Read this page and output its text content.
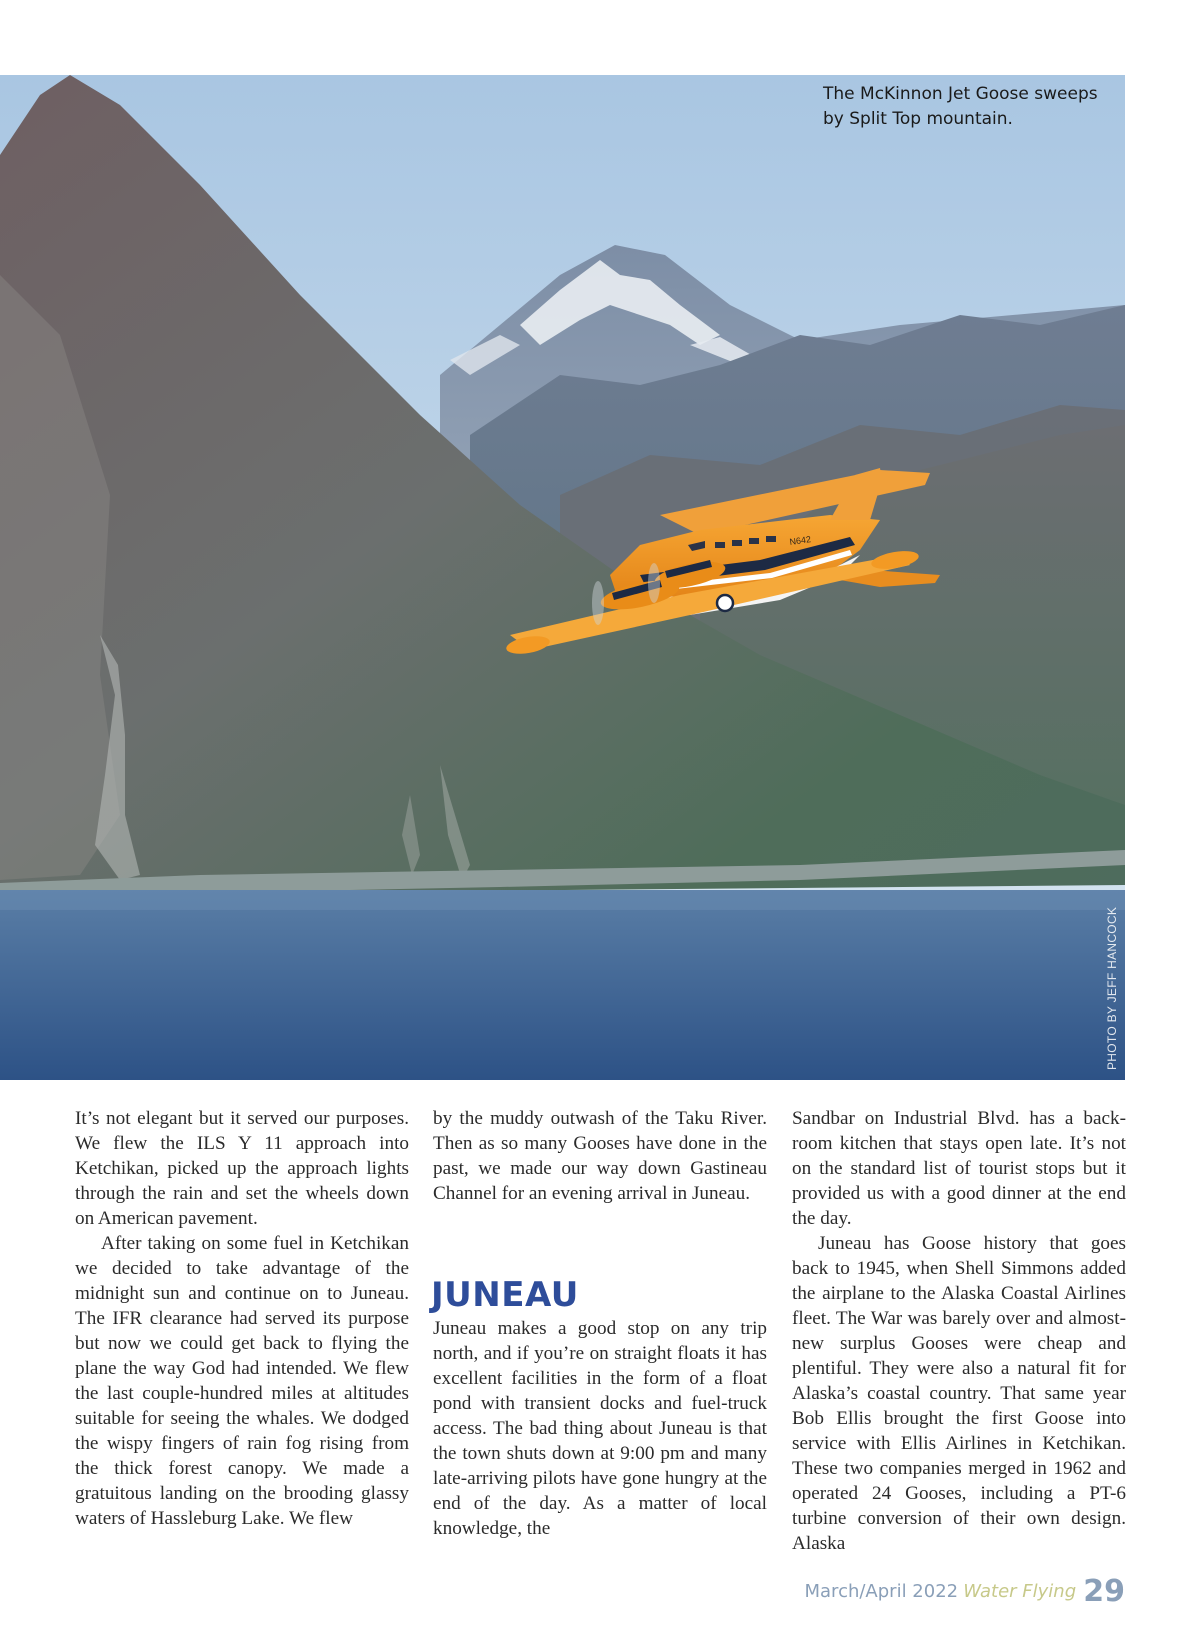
N642
The McKinnon Jet Goose sweeps by Split Top mountain.
PHOTO BY JEFF HANCOCK

It’s not elegant but it served our purposes. We flew the ILS Y 11 approach into Ketchikan, picked up the approach lights through the rain and set the wheels down on American pavement.

After taking on some fuel in Ketchikan we decided to take advantage of the midnight sun and continue on to Juneau. The IFR clearance had served its purpose but now we could get back to flying the plane the way God had intended. We flew the last couple-hundred miles at altitudes suitable for seeing the whales. We dodged the wispy fingers of rain fog rising from the thick forest canopy. We made a gratuitous landing on the brooding glassy waters of Hassleburg Lake. We flew

by the muddy outwash of the Taku River. Then as so many Gooses have done in the past, we made our way down Gastineau Channel for an evening arrival in Juneau.

JUNEAU

Juneau makes a good stop on any trip north, and if you’re on straight floats it has excellent facilities in the form of a float pond with transient docks and fuel-truck access. The bad thing about Juneau is that the town shuts down at 9:00 pm and many late-arriving pilots have gone hungry at the end of the day. As a matter of local knowledge, the

Sandbar on Industrial Blvd. has a back-room kitchen that stays open late. It’s not on the standard list of tourist stops but it provided us with a good dinner at the end the day.

Juneau has Goose history that goes back to 1945, when Shell Simmons added the airplane to the Alaska Coastal Airlines fleet. The War was barely over and almost-new surplus Gooses were cheap and plentiful. They were also a natural fit for Alaska’s coastal country. That same year Bob Ellis brought the first Goose into service with Ellis Airlines in Ketchikan. These two companies merged in 1962 and operated 24 Gooses, including a PT-6 turbine conversion of their own design. Alaska

March/April 2022 Water Flying 29
